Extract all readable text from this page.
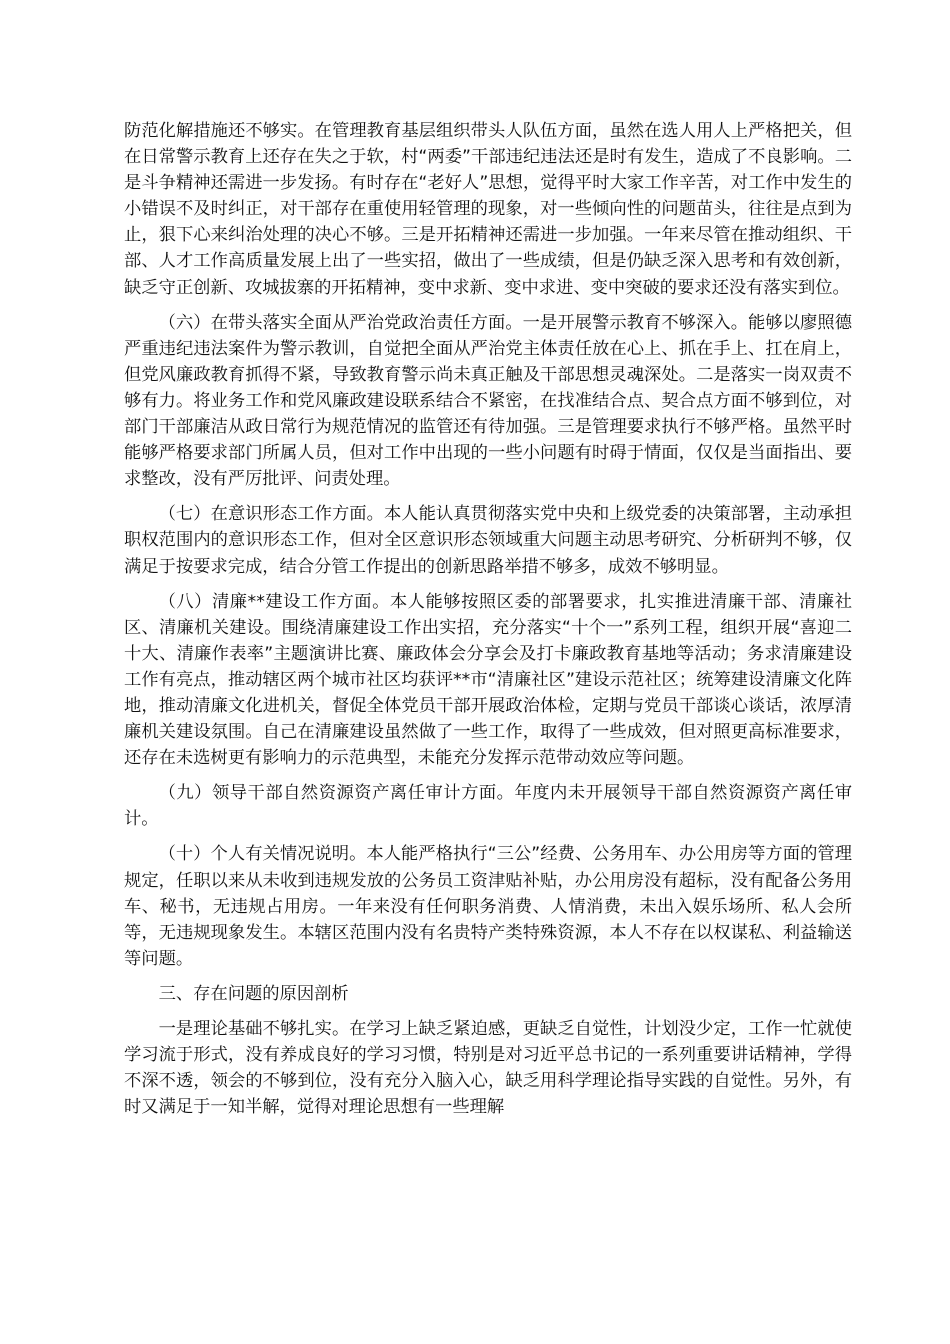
防范化解措施还不够实。在管理教育基层组织带头人队伍方面，虽然在选人用人上严格把关，但在日常警示教育上还存在失之于软，村“两委”干部违纪违法还是时有发生，造成了不良影响。二是斗争精神还需进一步发扬。有时存在“老好人”思想，觉得平时大家工作辛苦，对工作中发生的小错误不及时纠正，对干部存在重使用轻管理的现象，对一些倾向性的问题苗头，往往是点到为止，狠下心来纠治处理的决心不够。三是开拓精神还需进一步加强。一年来尽管在推动组织、干部、人才工作高质量发展上出了一些实招，做出了一些成绩，但是仍缺乏深入思考和有效创新，缺乏守正创新、攻城拔寨的开拓精神，变中求新、变中求进、变中突破的要求还没有落实到位。

（六）在带头落实全面从严治党政治责任方面。一是开展警示教育不够深入。能够以廖照德严重违纪违法案件为警示教训，自觉把全面从严治党主体责任放在心上、抓在手上、扛在肩上，但党风廉政教育抓得不紧，导致教育警示尚未真正触及干部思想灵魂深处。二是落实一岗双责不够有力。将业务工作和党风廉政建设联系结合不紧密，在找准结合点、契合点方面不够到位，对部门干部廉洁从政日常行为规范情况的监管还有待加强。三是管理要求执行不够严格。虽然平时能够严格要求部门所属人员，但对工作中出现的一些小问题有时碍于情面，仅仅是当面指出、要求整改，没有严厉批评、问责处理。

（七）在意识形态工作方面。本人能认真贯彻落实党中央和上级党委的决策部署，主动承担职权范围内的意识形态工作，但对全区意识形态领域重大问题主动思考研究、分析研判不够，仅满足于按要求完成，结合分管工作提出的创新思路举措不够多，成效不够明显。

（八）清廉**建设工作方面。本人能够按照区委的部署要求，扎实推进清廉干部、清廉社区、清廉机关建设。围绕清廉建设工作出实招，充分落实“十个一”系列工程，组织开展“喜迎二十大、清廉作表率”主题演讲比赛、廉政体会分享会及打卡廉政教育基地等活动；务求清廉建设工作有亮点，推动辖区两个城市社区均获评**市“清廉社区”建设示范社区；统筹建设清廉文化阵地，推动清廉文化进机关，督促全体党员干部开展政治体检，定期与党员干部谈心谈话，浓厚清廉机关建设氛围。自己在清廉建设虽然做了一些工作，取得了一些成效，但对照更高标准要求，还存在未选树更有影响力的示范典型，未能充分发挥示范带动效应等问题。

（九）领导干部自然资源资产离任审计方面。年度内未开展领导干部自然资源资产离任审计。

（十）个人有关情况说明。本人能严格执行“三公”经费、公务用车、办公用房等方面的管理规定，任职以来从未收到违规发放的公务员工资津贴补贴，办公用房没有超标，没有配备公务用车、秘书，无违规占用房。一年来没有任何职务消费、人情消费，未出入娱乐场所、私人会所等，无违规现象发生。本辖区范围内没有名贵特产类特殊资源，本人不存在以权谋私、利益输送等问题。

三、存在问题的原因剖析

一是理论基础不够扎实。在学习上缺乏紧迫感，更缺乏自觉性，计划没少定，工作一忙就使学习流于形式，没有养成良好的学习习惯，特别是对习近平总书记的一系列重要讲话精神，学得不深不透，领会的不够到位，没有充分入脑入心，缺乏用科学理论指导实践的自觉性。另外，有时又满足于一知半解，觉得对理论思想有一些理解
